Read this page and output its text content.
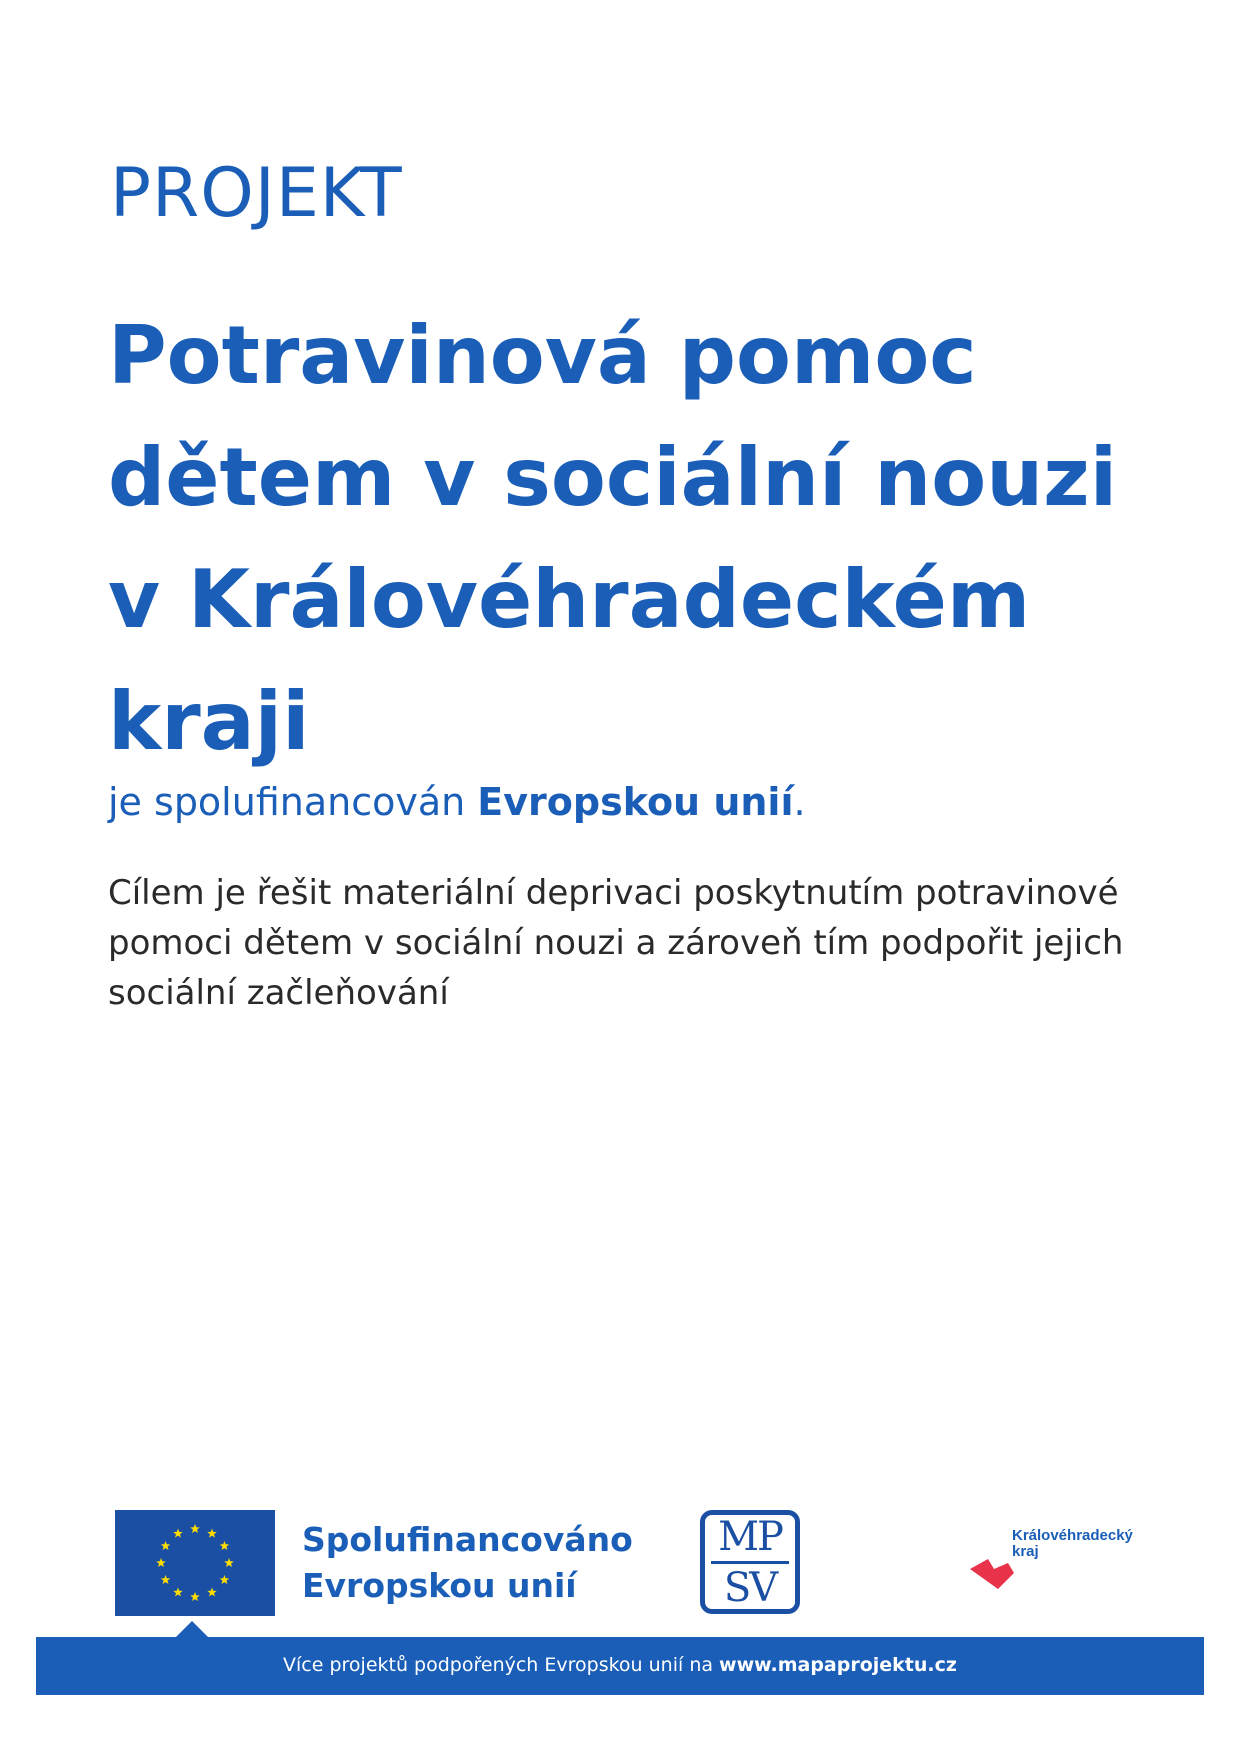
PROJEKT
Potravinová pomoc
dětem v sociální nouzi
v Královéhradeckém
kraji
je spolufinancován Evropskou unií.

Cílem je řešit materiální deprivaci poskytnutím potravinové pomoci dětem v sociální nouzi a zároveň tím podpořit jejich sociální začleňování

Spolufinancováno
Evropskou unií
MP
SV
Královéhradecký
kraj
Více projektů podpořených Evropskou unií na www.mapaprojektu.cz
